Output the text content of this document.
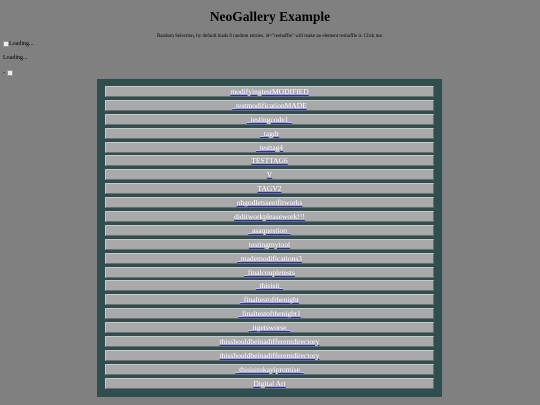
NeoGallery Example

Random Selection, by default loads 6 random entries. id="reshuffle" will make an element reshuffle it. Click me.

Loading...
Loading...
-
modifyingtestMODIFIED
_testmodificationMADE
_testingcode1_
_tagdr
_testtag4
TESTTAG6
V
TAGV2
ohgodletsseeifitworks
diditworkpleasework!!!
_asaquestion_
testingmytool
_mademodifications3
_finalcoupletests
_thisisit_
_finaltestofthenight
_finaltestofthenight1
_itgetsworse_
thisshouldbeinadifferentdirectory
thisshouldbeinadifferentdirectory
_thisisitokayipromise_
Digital Art
